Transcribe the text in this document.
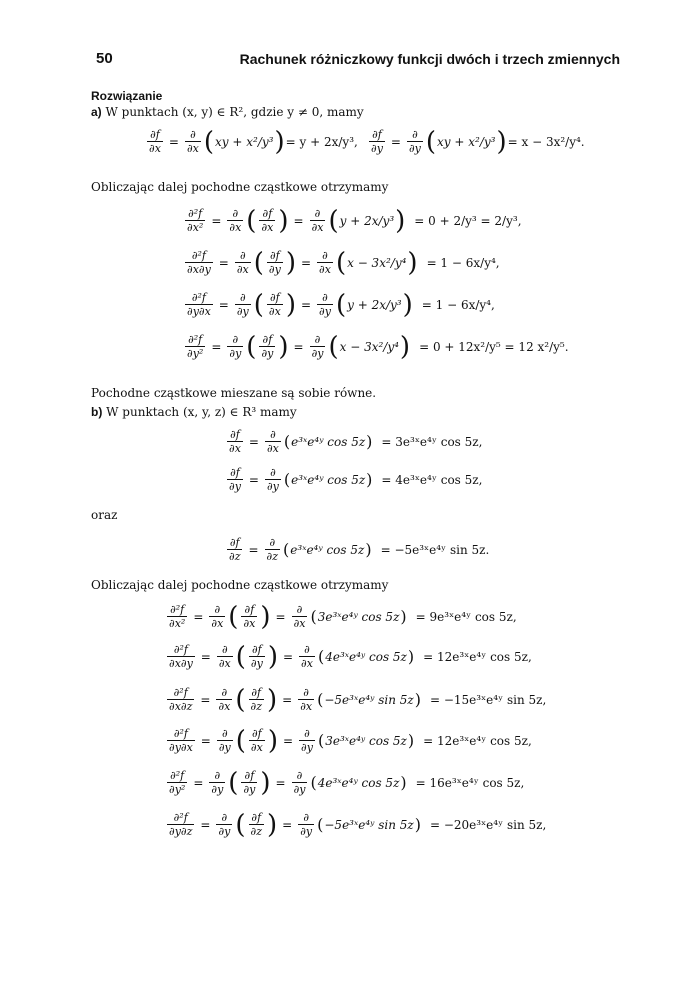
50	Rachunek różniczkowy funkcji dwóch i trzech zmiennych
Rozwiązanie
a) W punktach (x, y) ∈ R², gdzie y ≠ 0, mamy
$\frac{\partial f}{\partial x} = \frac{\partial}{\partial x}$ ( xy + x²/y³ ) = y + 2x/y³, $\frac{\partial f}{\partial y} = \frac{\partial}{\partial y}$ ( xy + x²/y³ ) = x − 3x²/y⁴.
Obliczając dalej pochodne cząstkowe otrzymamy
$\frac{\text{∂²f}}{\text{∂x²}} = \frac{\partial}{\partial x}$ ( $\frac{\partial f}{\partial x}$ ) = $\frac{\partial}{\partial x}$ ( y + 2x/y³ ) = 0 + 2/y³ = 2/y³,
$\frac{\text{∂²f}}{\partial x\partial y} = \frac{\partial}{\partial x}$ ( $\frac{\partial f}{\partial y}$ ) = $\frac{\partial}{\partial x}$ ( x − 3x²/y⁴ ) = 1 − 6x/y⁴,
$\frac{\text{∂²f}}{\partial y\partial x} = \frac{\partial}{\partial y}$ ( $\frac{\partial f}{\partial x}$ ) = $\frac{\partial}{\partial y}$ ( y + 2x/y³ ) = 1 − 6x/y⁴,
$\frac{\text{∂²f}}{\text{∂y²}} = \frac{\partial}{\partial y}$ ( $\frac{\partial f}{\partial y}$ ) = $\frac{\partial}{\partial y}$ ( x − 3x²/y⁴ ) = 0 + 12x²/y⁵ = 12 x²/y⁵.
Pochodne cząstkowe mieszane są sobie równe.
b) W punktach (x, y, z) ∈ R³ mamy
$\frac{\partial f}{\partial x} = \frac{\partial}{\partial x}$ ( e³ˣe⁴ʸ cos 5z ) = 3e³ˣe⁴ʸ cos 5z,
$\frac{\partial f}{\partial y} = \frac{\partial}{\partial y}$ ( e³ˣe⁴ʸ cos 5z ) = 4e³ˣe⁴ʸ cos 5z,
oraz
$\frac{\partial f}{\partial z} = \frac{\partial}{\partial z}$ ( e³ˣe⁴ʸ cos 5z ) = −5e³ˣe⁴ʸ sin 5z.
Obliczając dalej pochodne cząstkowe otrzymamy
$\frac{\text{∂²f}}{\text{∂x²}} = \frac{\partial}{\partial x}$ ( $\frac{\partial f}{\partial x}$ ) = $\frac{\partial}{\partial x}$ ( 3e³ˣe⁴ʸ cos 5z ) = 9e³ˣe⁴ʸ cos 5z,
$\frac{\text{∂²f}}{\partial x\partial y} = \frac{\partial}{\partial x}$ ( $\frac{\partial f}{\partial y}$ ) = $\frac{\partial}{\partial x}$ ( 4e³ˣe⁴ʸ cos 5z ) = 12e³ˣe⁴ʸ cos 5z,
$\frac{\text{∂²f}}{\partial x\partial z} = \frac{\partial}{\partial x}$ ( $\frac{\partial f}{\partial z}$ ) = $\frac{\partial}{\partial x}$ ( −5e³ˣe⁴ʸ sin 5z ) = −15e³ˣe⁴ʸ sin 5z,
$\frac{\text{∂²f}}{\partial y\partial x} = \frac{\partial}{\partial y}$ ( $\frac{\partial f}{\partial x}$ ) = $\frac{\partial}{\partial y}$ ( 3e³ˣe⁴ʸ cos 5z ) = 12e³ˣe⁴ʸ cos 5z,
$\frac{\text{∂²f}}{\text{∂y²}} = \frac{\partial}{\partial y}$ ( $\frac{\partial f}{\partial y}$ ) = $\frac{\partial}{\partial y}$ ( 4e³ˣe⁴ʸ cos 5z ) = 16e³ˣe⁴ʸ cos 5z,
$\frac{\text{∂²f}}{\partial y\partial z} = \frac{\partial}{\partial y}$ ( $\frac{\partial f}{\partial z}$ ) = $\frac{\partial}{\partial y}$ ( −5e³ˣe⁴ʸ sin 5z ) = −20e³ˣe⁴ʸ sin 5z,
